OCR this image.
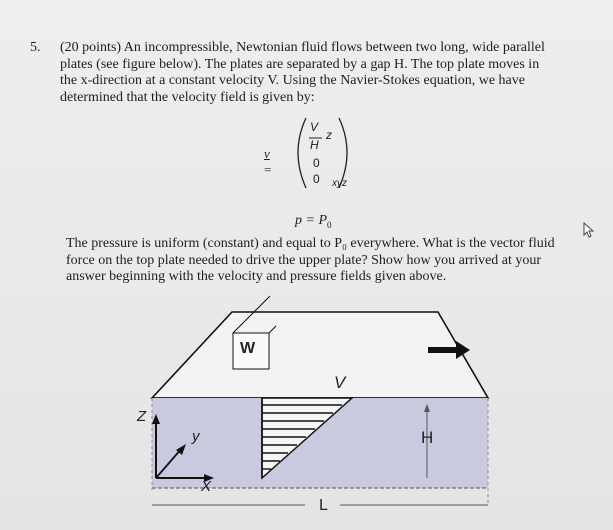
5. (20 points) An incompressible, Newtonian fluid flows between two long, wide parallel
plates (see figure below). The plates are separated by a gap H. The top plate moves in
the x-direction at a constant velocity V. Using the Navier-Stokes equation, we have
determined that the velocity field is given by:

v =
V
H
z
0
0 xyz
$p = P_0$

The pressure is uniform (constant) and equal to P₀ everywhere. What is the vector fluid
force on the top plate needed to drive the upper plate? Show how you arrived at your
answer beginning with the velocity and pressure fields given above.

W
V
H
Z
y
X
L
